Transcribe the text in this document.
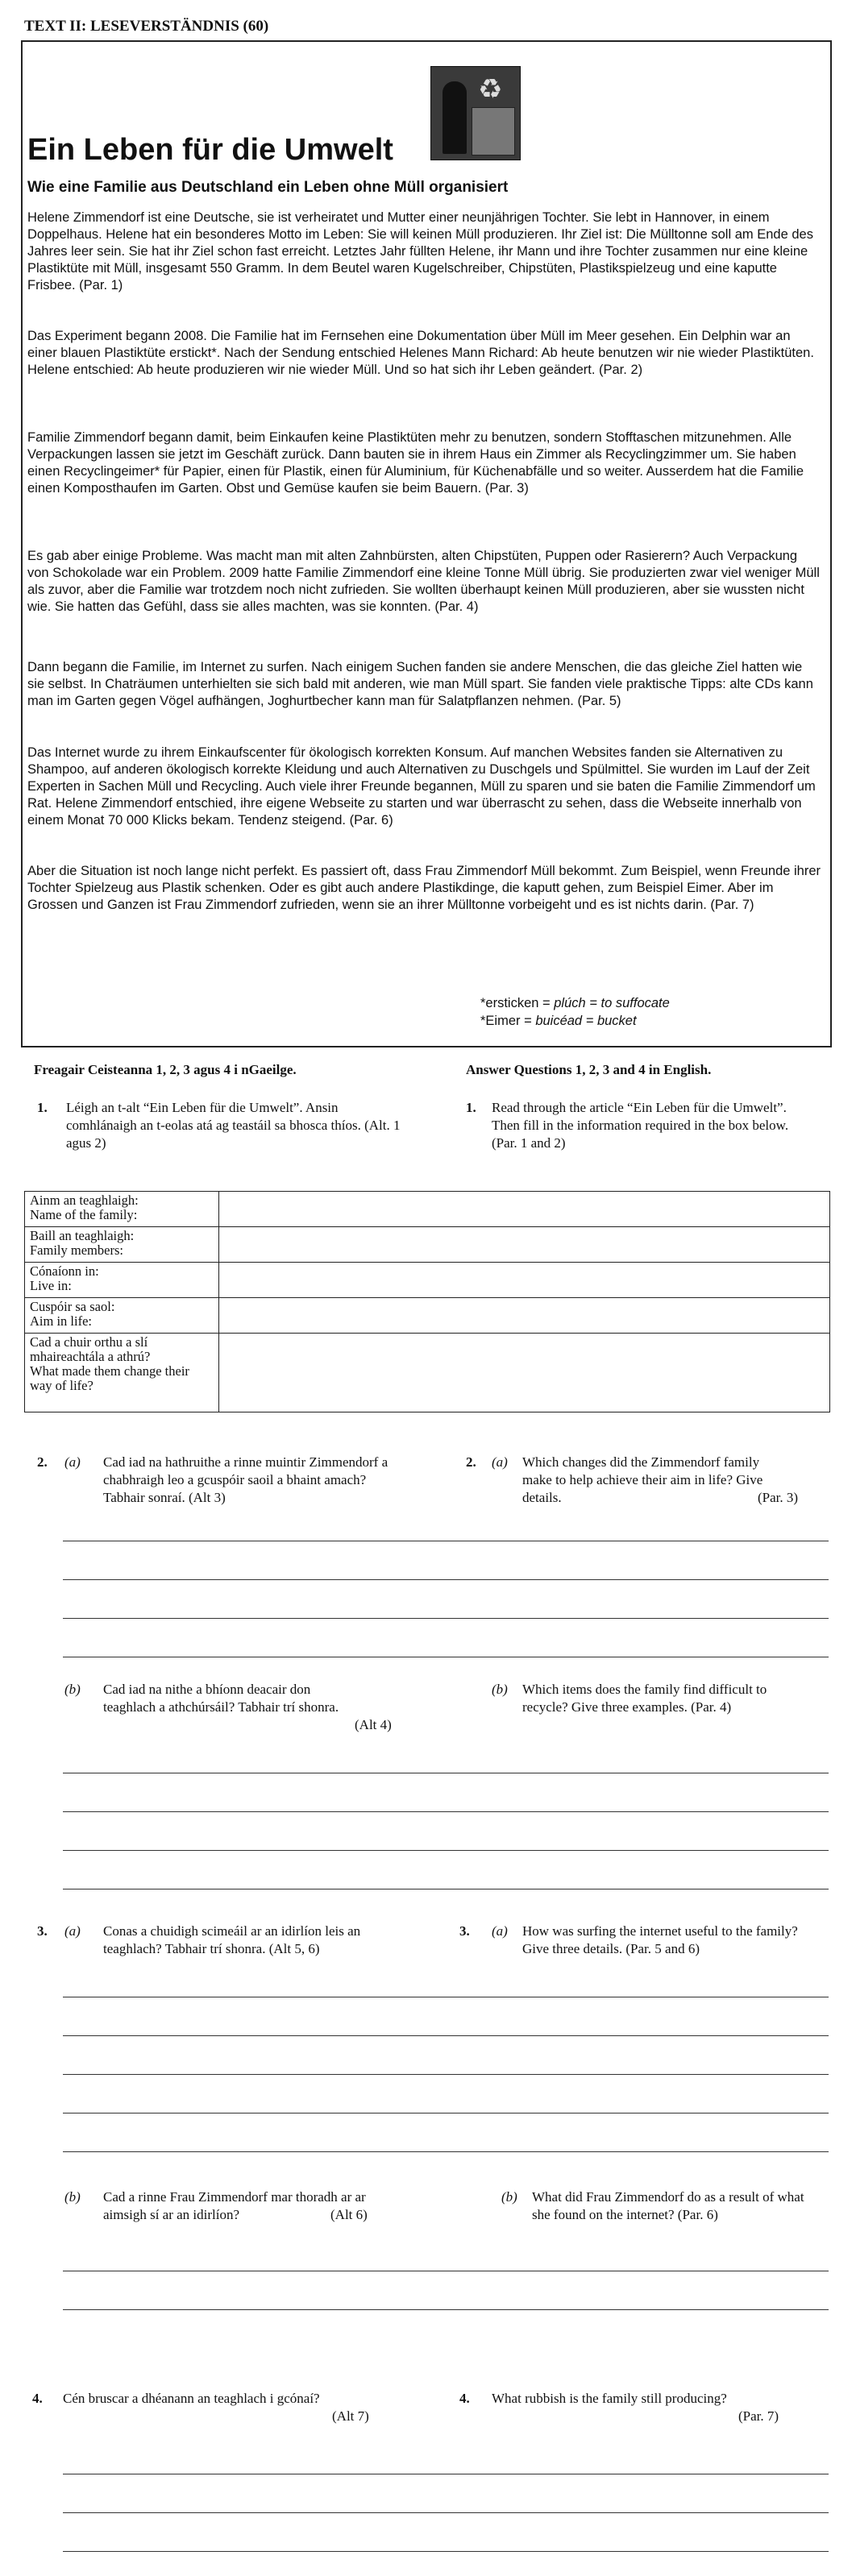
TEXT II: LESEVERSTÄNDNIS (60)
♻
Ein Leben für die Umwelt
Wie eine Familie aus Deutschland ein Leben ohne Müll organisiert

Helene Zimmendorf ist eine Deutsche, sie ist verheiratet und Mutter einer neunjährigen Tochter. Sie lebt in Hannover, in einem Doppelhaus. Helene hat ein besonderes Motto im Leben: Sie will keinen Müll produzieren. Ihr Ziel ist: Die Mülltonne soll am Ende des Jahres leer sein. Sie hat ihr Ziel schon fast erreicht. Letztes Jahr füllten Helene, ihr Mann und ihre Tochter zusammen nur eine kleine Plastiktüte mit Müll, insgesamt 550 Gramm. In dem Beutel waren Kugelschreiber, Chipstüten, Plastikspielzeug und eine kaputte Frisbee. (Par. 1)

Das Experiment begann 2008. Die Familie hat im Fernsehen eine Dokumentation über Müll im Meer gesehen. Ein Delphin war an einer blauen Plastiktüte erstickt*. Nach der Sendung entschied Helenes Mann Richard: Ab heute benutzen wir nie wieder Plastiktüten. Helene entschied: Ab heute produzieren wir nie wieder Müll. Und so hat sich ihr Leben geändert. (Par. 2)

Familie Zimmendorf begann damit, beim Einkaufen keine Plastiktüten mehr zu benutzen, sondern Stofftaschen mitzunehmen. Alle Verpackungen lassen sie jetzt im Geschäft zurück. Dann bauten sie in ihrem Haus ein Zimmer als Recyclingzimmer um. Sie haben einen Recyclingeimer* für Papier, einen für Plastik, einen für Aluminium, für Küchenabfälle und so weiter. Ausserdem hat die Familie einen Komposthaufen im Garten. Obst und Gemüse kaufen sie beim Bauern. (Par. 3)

Es gab aber einige Probleme. Was macht man mit alten Zahnbürsten, alten Chipstüten, Puppen oder Rasierern? Auch Verpackung von Schokolade war ein Problem. 2009 hatte Familie Zimmendorf eine kleine Tonne Müll übrig. Sie produzierten zwar viel weniger Müll als zuvor, aber die Familie war trotzdem noch nicht zufrieden. Sie wollten überhaupt keinen Müll produzieren, aber sie wussten nicht wie. Sie hatten das Gefühl, dass sie alles machten, was sie konnten. (Par. 4)

Dann begann die Familie, im Internet zu surfen. Nach einigem Suchen fanden sie andere Menschen, die das gleiche Ziel hatten wie sie selbst. In Chaträumen unterhielten sie sich bald mit anderen, wie man Müll spart. Sie fanden viele praktische Tipps: alte CDs kann man im Garten gegen Vögel aufhängen, Joghurtbecher kann man für Salatpflanzen nehmen. (Par. 5)

Das Internet wurde zu ihrem Einkaufscenter für ökologisch korrekten Konsum. Auf manchen Websites fanden sie Alternativen zu Shampoo, auf anderen ökologisch korrekte Kleidung und auch Alternativen zu Duschgels und Spülmittel. Sie wurden im Lauf der Zeit Experten in Sachen Müll und Recycling. Auch viele ihrer Freunde begannen, Müll zu sparen und sie baten die Familie Zimmendorf um Rat. Helene Zimmendorf entschied, ihre eigene Webseite zu starten und war überrascht zu sehen, dass die Webseite innerhalb von einem Monat 70 000 Klicks bekam. Tendenz steigend. (Par. 6)

Aber die Situation ist noch lange nicht perfekt. Es passiert oft, dass Frau Zimmendorf Müll bekommt. Zum Beispiel, wenn Freunde ihrer Tochter Spielzeug aus Plastik schenken. Oder es gibt auch andere Plastikdinge, die kaputt gehen, zum Beispiel Eimer. Aber im Grossen und Ganzen ist Frau Zimmendorf zufrieden, wenn sie an ihrer Mülltonne vorbeigeht und es ist nichts darin. (Par. 7)

*ersticken = plúch = to suffocate
*Eimer = buicéad = bucket
Freagair Ceisteanna 1, 2, 3 agus 4 i nGaeilge.	Answer Questions 1, 2, 3 and 4 in English.
1. Léigh an t-alt “Ein Leben für die Umwelt”. Ansin comhlánaigh an t-eolas atá ag teastáil sa bhosca thíos. (Alt. 1 agus 2)
1. Read through the article “Ein Leben für die Umwelt”. Then fill in the information required in the box below. (Par. 1 and 2)
Ainm an teaghlaigh:
Name of the family:	
Baill an teaghlaigh:
Family members:	
Cónaíonn in:
Live in:	
Cuspóir sa saol:
Aim in life:	
Cad a chuir orthu a slí mhaireachtála a athrú?
What made them change their way of life?	
2. (a) Cad iad na hathruithe a rinne muintir Zimmendorf a chabhraigh leo a gcuspóir saoil a bhaint amach? Tabhair sonraí. (Alt 3)
2. (a) Which changes did the Zimmendorf family make to help achieve their aim in life? Give details.	(Par. 3)
(b) Cad iad na nithe a bhíonn deacair don teaghlach a athchúrsáil? Tabhair trí shonra.
(Alt 4)
(b) Which items does the family find difficult to recycle? Give three examples. (Par. 4)
3. (a) Conas a chuidigh scimeáil ar an idirlíon leis an teaghlach? Tabhair trí shonra. (Alt 5, 6)
3. (a) How was surfing the internet useful to the family? Give three details. (Par. 5 and 6)
(b) Cad a rinne Frau Zimmendorf mar thoradh ar ar aimsigh sí ar an idirlíon?	(Alt 6)
(b) What did Frau Zimmendorf do as a result of what she found on the internet? (Par. 6)
4. Cén bruscar a dhéanann an teaghlach i gcónaí?
(Alt 7)
4. What rubbish is the family still producing?
(Par. 7)
